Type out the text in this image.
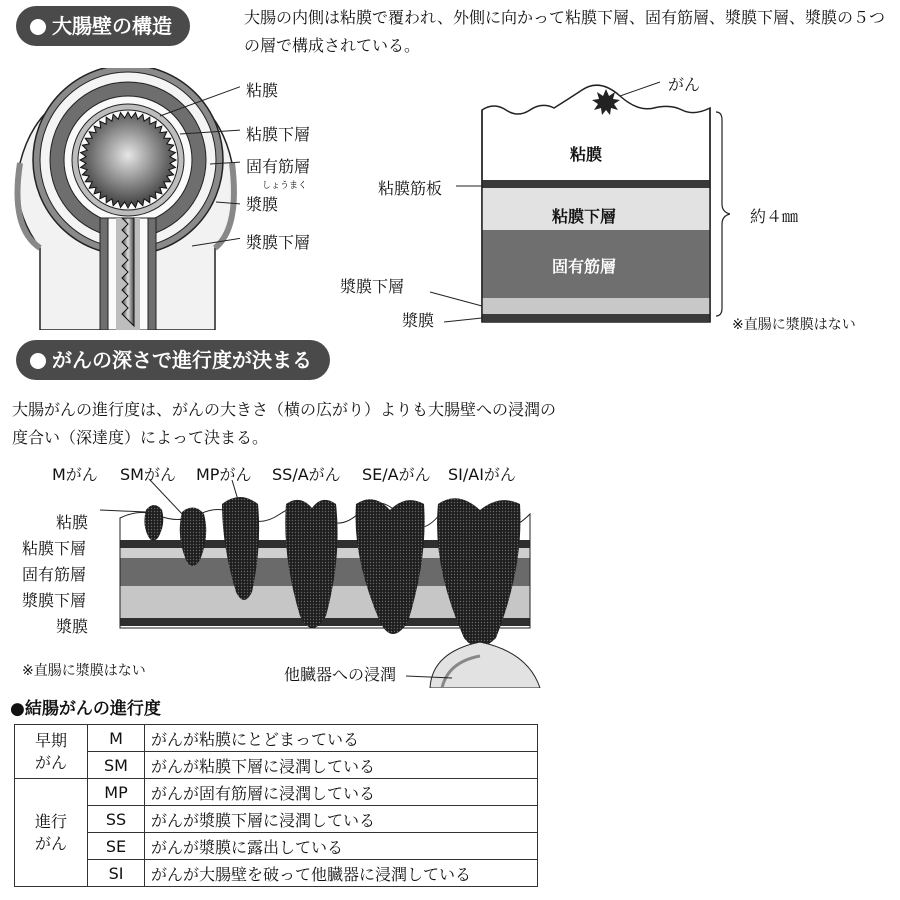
大腸壁の構造	大腸の内側は粘膜で覆われ、外側に向かって粘膜下層、固有筋層、漿膜下層、漿膜の５つの層で構成されている。
粘膜
粘膜下層
固有筋層
しょうまく
漿膜
漿膜下層
がん
粘膜
粘膜下層
固有筋層
粘膜筋板
漿膜下層
漿膜
約４㎜
※直腸に漿膜はない
がんの深さで進行度が決まる
大腸がんの進行度は、がんの大きさ（横の広がり）よりも大腸壁への浸潤の度合い（深達度）によって決まる。
Mがん SMがん MPがん SS/Aがん SE/Aがん SI/AIがん
粘膜
粘膜下層
固有筋層
漿膜下層
漿膜
※直腸に漿膜はない	他臓器への浸潤
●結腸がんの進行度
早期
がん	M	がんが粘膜にとどまっている
	SM	がんが粘膜下層に浸潤している
進行
がん	MP	がんが固有筋層に浸潤している
	SS	がんが漿膜下層に浸潤している
	SE	がんが漿膜に露出している
	SI	がんが大腸壁を破って他臓器に浸潤している
